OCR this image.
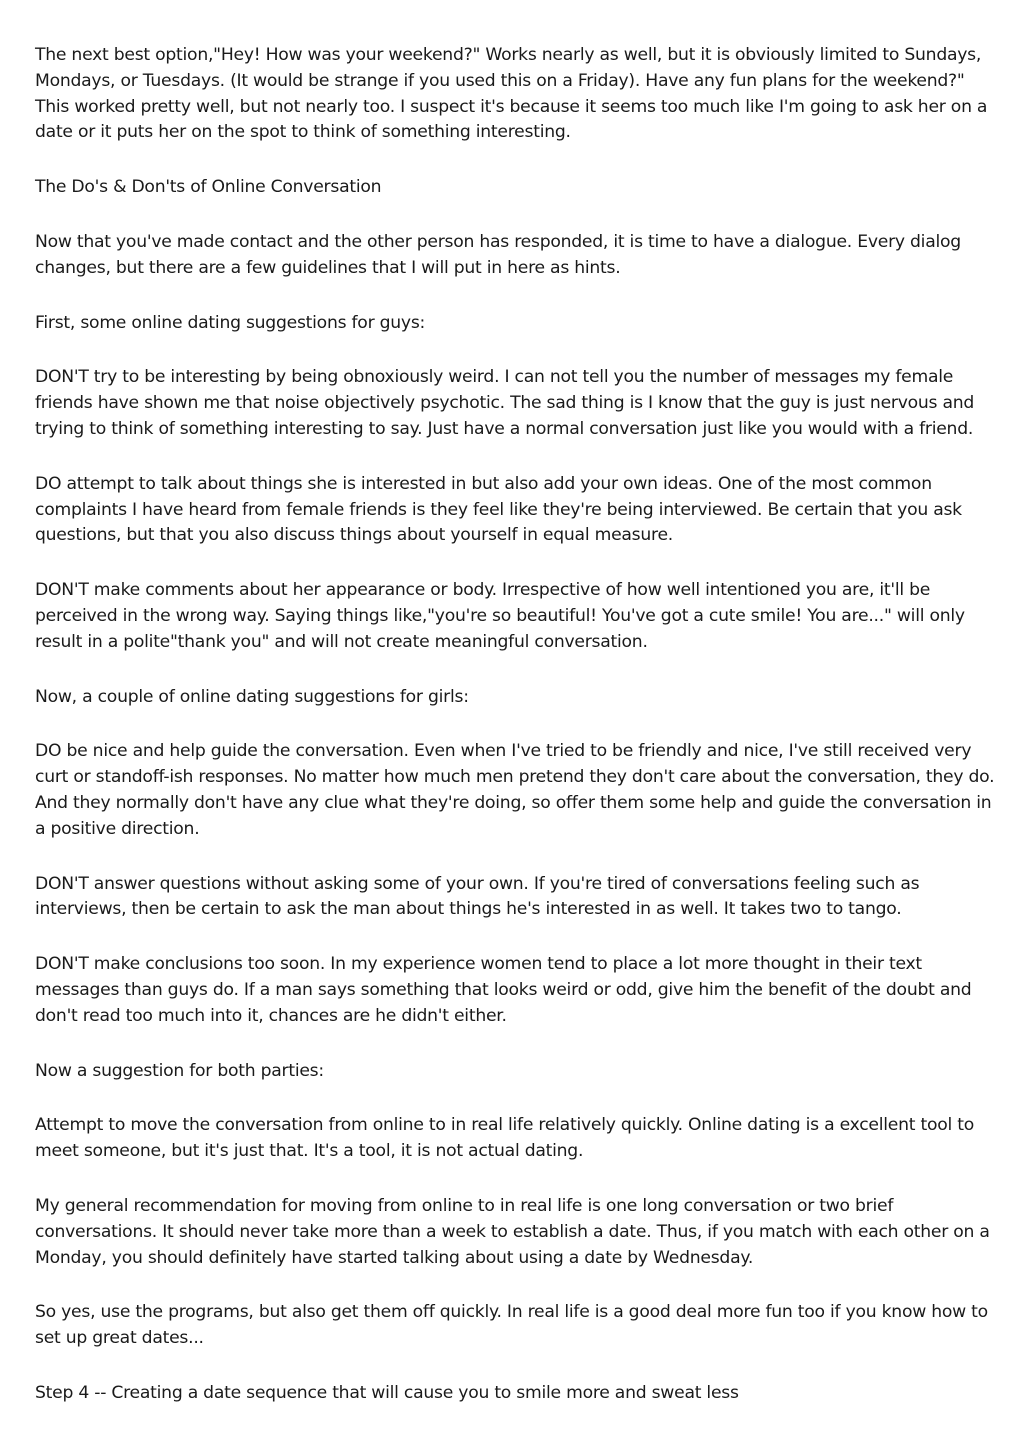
The next best option,"Hey! How was your weekend?" Works nearly as well, but it is obviously limited to Sundays, Mondays, or Tuesdays. (It would be strange if you used this on a Friday). Have any fun plans for the weekend?" This worked pretty well, but not nearly too. I suspect it's because it seems too much like I'm going to ask her on a date or it puts her on the spot to think of something interesting.

The Do's & Don'ts of Online Conversation

Now that you've made contact and the other person has responded, it is time to have a dialogue. Every dialog changes, but there are a few guidelines that I will put in here as hints.

First, some online dating suggestions for guys:

DON'T try to be interesting by being obnoxiously weird. I can not tell you the number of messages my female friends have shown me that noise objectively psychotic. The sad thing is I know that the guy is just nervous and trying to think of something interesting to say. Just have a normal conversation just like you would with a friend.

DO attempt to talk about things she is interested in but also add your own ideas. One of the most common complaints I have heard from female friends is they feel like they're being interviewed. Be certain that you ask questions, but that you also discuss things about yourself in equal measure.

DON'T make comments about her appearance or body. Irrespective of how well intentioned you are, it'll be perceived in the wrong way. Saying things like,"you're so beautiful! You've got a cute smile! You are..." will only result in a polite"thank you" and will not create meaningful conversation.

Now, a couple of online dating suggestions for girls:

DO be nice and help guide the conversation. Even when I've tried to be friendly and nice, I've still received very curt or standoff-ish responses. No matter how much men pretend they don't care about the conversation, they do. And they normally don't have any clue what they're doing, so offer them some help and guide the conversation in a positive direction.

DON'T answer questions without asking some of your own. If you're tired of conversations feeling such as interviews, then be certain to ask the man about things he's interested in as well. It takes two to tango.

DON'T make conclusions too soon. In my experience women tend to place a lot more thought in their text messages than guys do. If a man says something that looks weird or odd, give him the benefit of the doubt and don't read too much into it, chances are he didn't either.

Now a suggestion for both parties:

Attempt to move the conversation from online to in real life relatively quickly. Online dating is a excellent tool to meet someone, but it's just that. It's a tool, it is not actual dating.

My general recommendation for moving from online to in real life is one long conversation or two brief conversations. It should never take more than a week to establish a date. Thus, if you match with each other on a Monday, you should definitely have started talking about using a date by Wednesday.

So yes, use the programs, but also get them off quickly. In real life is a good deal more fun too if you know how to set up great dates...

Step 4 -- Creating a date sequence that will cause you to smile more and sweat less
